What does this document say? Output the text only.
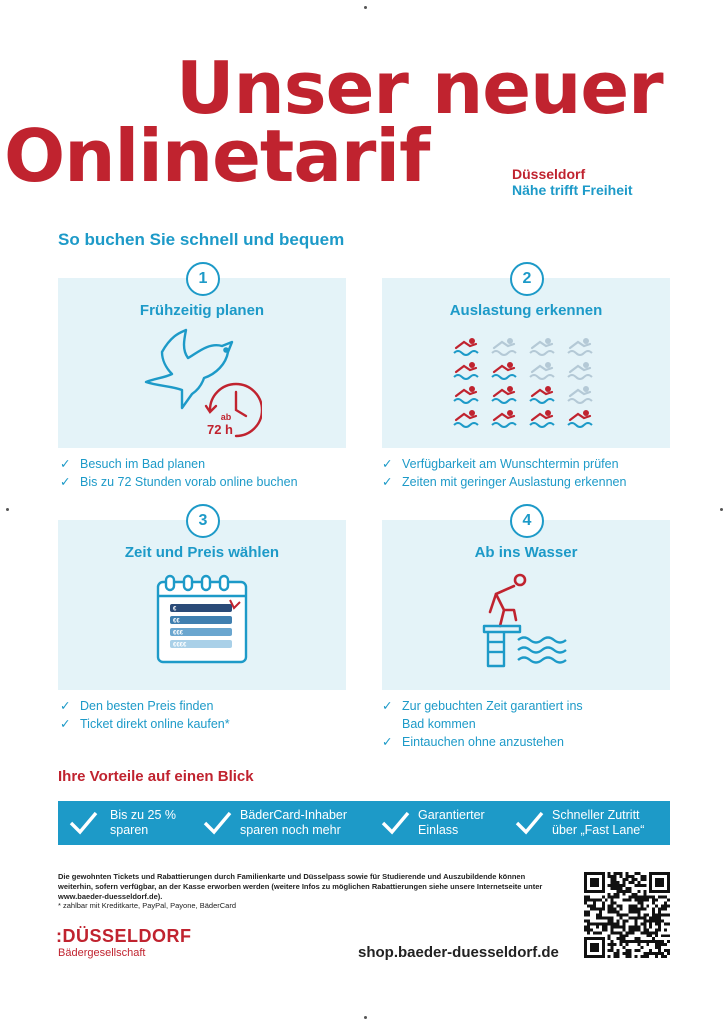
Unser neuer
Onlinetarif	Düsseldorf
Nähe trifft Freiheit
So buchen Sie schnell und bequem
Frühzeitig planen
ab
72 h
1
Auslastung erkennen
2
✓ Besuch im Bad planen
✓ Bis zu 72 Stunden vorab online buchen
✓ Verfügbarkeit am Wunschtermin prüfen
✓ Zeiten mit geringer Auslastung erkennen
Zeit und Preis wählen
€
€€
€€€
€€€€
3
Ab ins Wasser
4
✓ Den besten Preis finden
✓ Ticket direkt online kaufen*
✓ Zur gebuchten Zeit garantiert ins
Bad kommen
✓ Eintauchen ohne anzustehen
Ihre Vorteile auf einen Blick
Bis zu 25 %
sparen
BäderCard-Inhaber
sparen noch mehr
Garantierter
Einlass
Schneller Zutritt
über „Fast Lane“
Die gewohnten Tickets und Rabattierungen durch Familienkarte und Düsselpass sowie für Studierende und Auszubildende können weiterhin, sofern verfügbar, an der Kasse erworben werden (weitere Infos zu möglichen Rabattierungen siehe unsere Internetseite unter www.baeder-duesseldorf.de).
* zahlbar mit Kreditkarte, PayPal, Payone, BäderCard
:DÜSSELDORF
Bädergesellschaft	shop.baeder-duesseldorf.de
